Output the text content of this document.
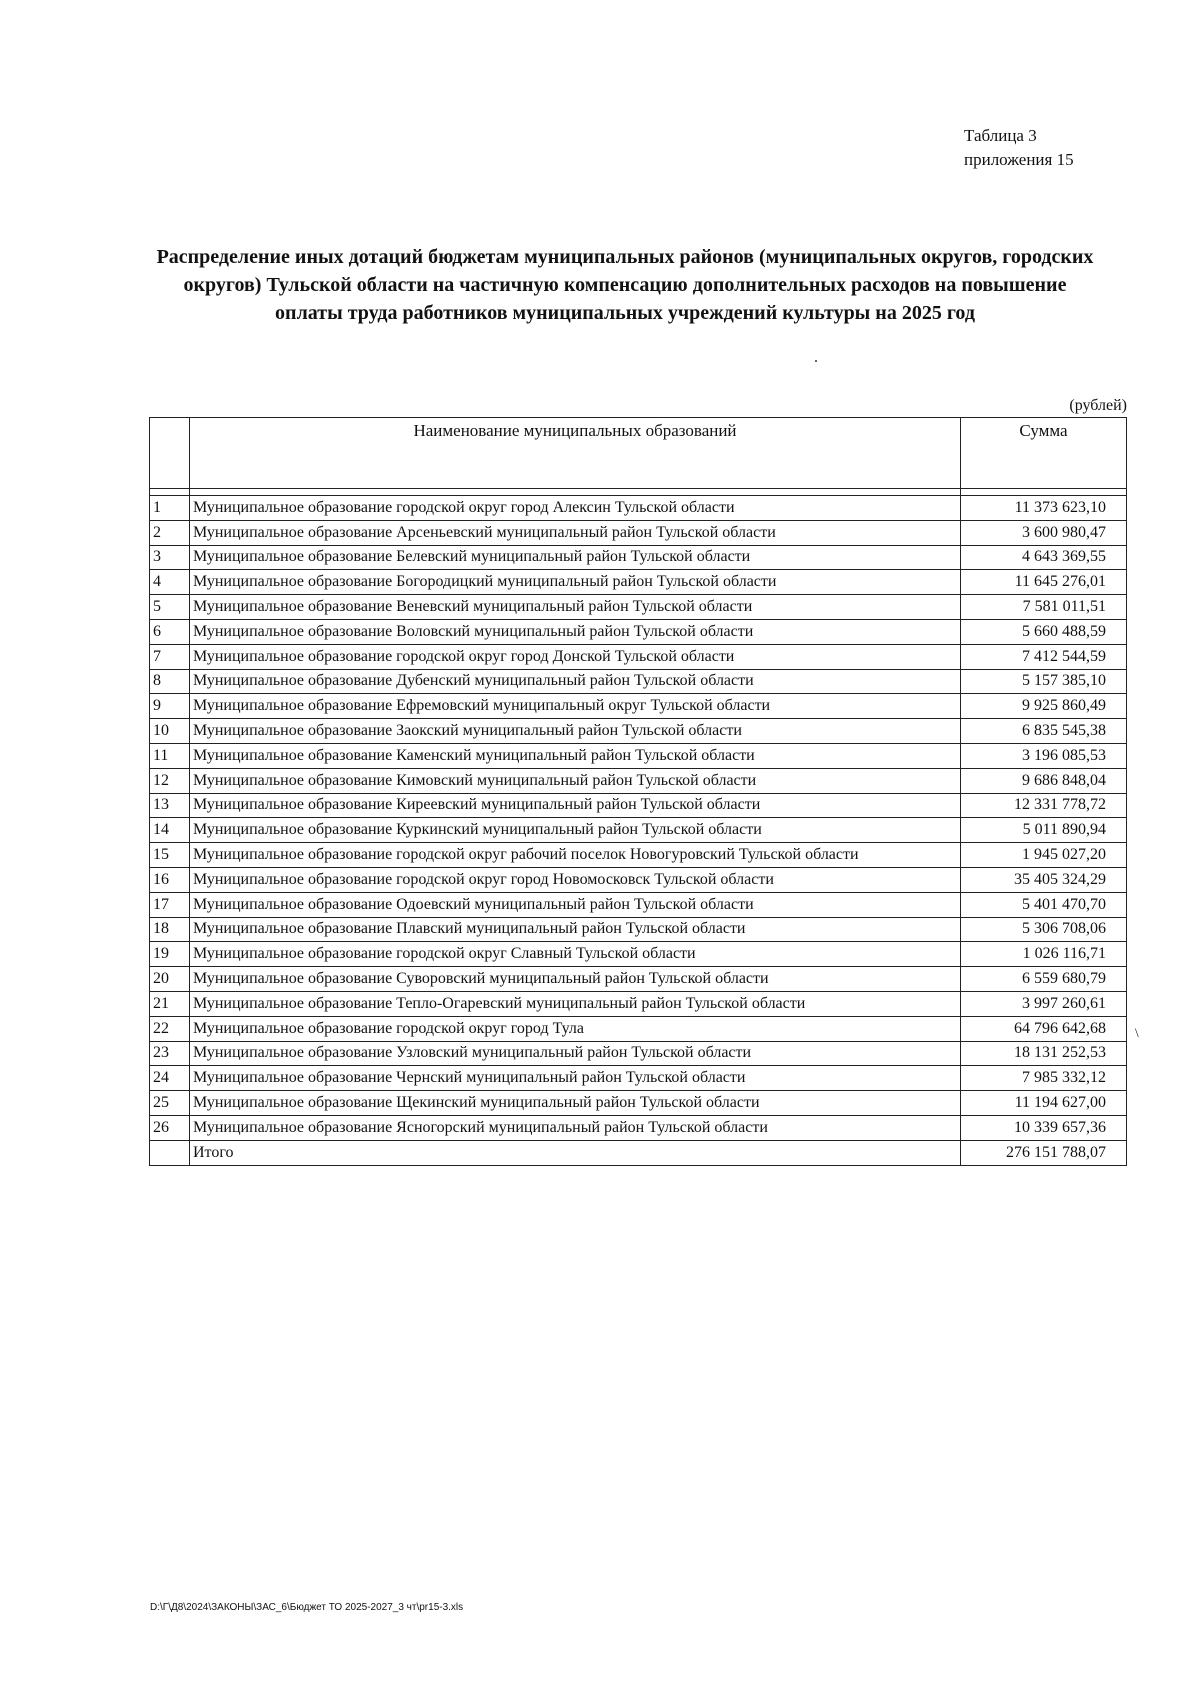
Таблица 3
приложения 15
Распределение иных дотаций бюджетам муниципальных районов (муниципальных округов, городских округов) Тульской области на частичную компенсацию дополнительных расходов на повышение оплаты труда работников муниципальных учреждений культуры на 2025 год
(рублей)
	Наименование муниципальных образований	Сумма

1	Муниципальное образование городской округ город Алексин Тульской области	11 373 623,10
2	Муниципальное образование Арсеньевский муниципальный район Тульской области	3 600 980,47
3	Муниципальное образование Белевский муниципальный район Тульской области	4 643 369,55
4	Муниципальное образование Богородицкий муниципальный район Тульской области	11 645 276,01
5	Муниципальное образование Веневский муниципальный район Тульской области	7 581 011,51
6	Муниципальное образование Воловский муниципальный район Тульской области	5 660 488,59
7	Муниципальное образование городской округ город Донской Тульской области	7 412 544,59
8	Муниципальное образование Дубенский муниципальный район Тульской области	5 157 385,10
9	Муниципальное образование Ефремовский муниципальный округ Тульской области	9 925 860,49
10	Муниципальное образование Заокский муниципальный район Тульской области	6 835 545,38
11	Муниципальное образование Каменский муниципальный район Тульской области	3 196 085,53
12	Муниципальное образование Кимовский муниципальный район Тульской области	9 686 848,04
13	Муниципальное образование Киреевский муниципальный район Тульской области	12 331 778,72
14	Муниципальное образование Куркинский муниципальный район Тульской области	5 011 890,94
15	Муниципальное образование городской округ рабочий поселок Новогуровский Тульской области	1 945 027,20
16	Муниципальное образование городской округ город Новомосковск Тульской области	35 405 324,29
17	Муниципальное образование Одоевский муниципальный район Тульской области	5 401 470,70
18	Муниципальное образование Плавский муниципальный район Тульской области	5 306 708,06
19	Муниципальное образование городской округ Славный Тульской области	1 026 116,71
20	Муниципальное образование Суворовский муниципальный район Тульской области	6 559 680,79
21	Муниципальное образование Тепло-Огаревский муниципальный район Тульской области	3 997 260,61
22	Муниципальное образование городской округ город Тула	64 796 642,68
23	Муниципальное образование Узловский муниципальный район Тульской области	18 131 252,53
24	Муниципальное образование Чернский муниципальный район Тульской области	7 985 332,12
25	Муниципальное образование Щекинский муниципальный район Тульской области	11 194 627,00
26	Муниципальное образование Ясногорский муниципальный район Тульской области	10 339 657,36
	Итого	276 151 788,07
\
D:\Г\Д8\2024\ЗАКОНЫ\ЗАС_6\Бюджет ТО 2025-2027_3 чт\pr15-3.xls
